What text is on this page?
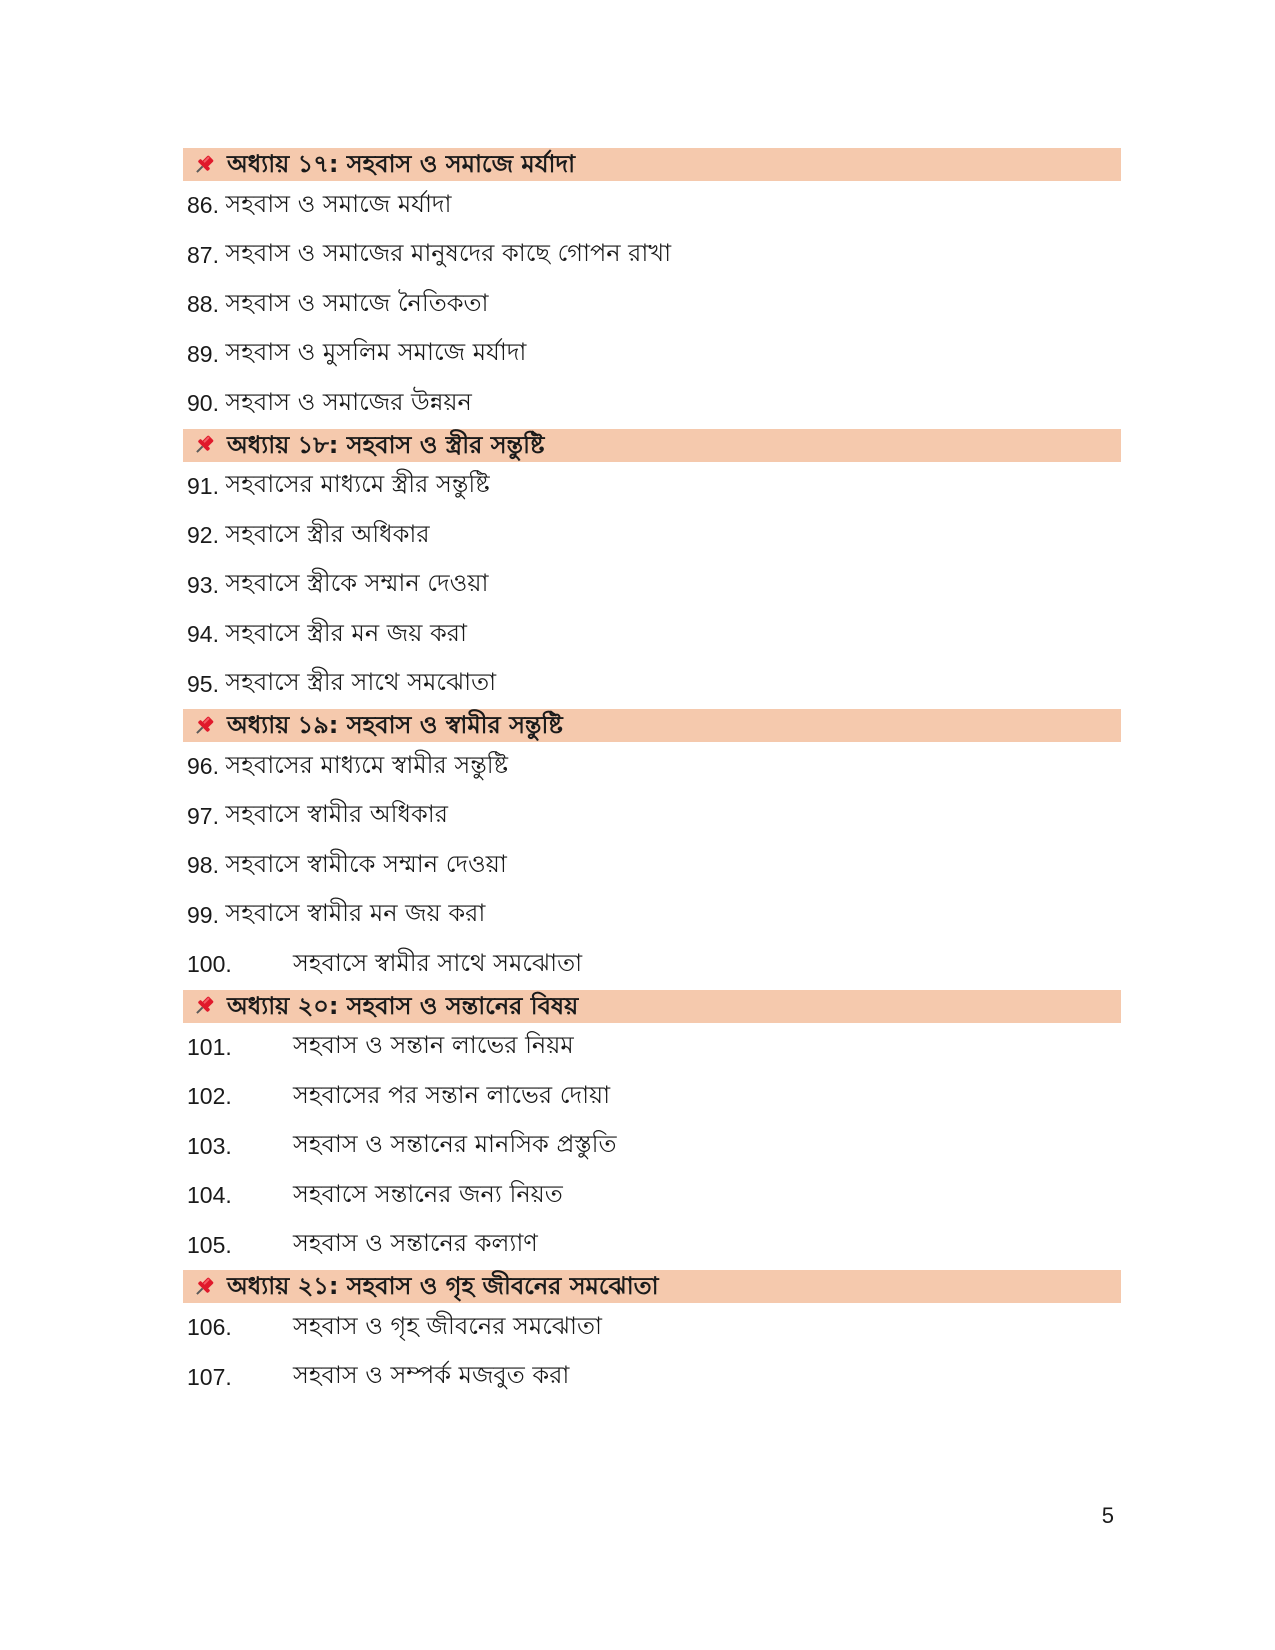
অধ্যায় ১৭: সহবাস ও সমাজে মর্যাদা
86. সহবাস ও সমাজে মর্যাদা
87. সহবাস ও সমাজের মানুষদের কাছে গোপন রাখা
88. সহবাস ও সমাজে নৈতিকতা
89. সহবাস ও মুসলিম সমাজে মর্যাদা
90. সহবাস ও সমাজের উন্নয়ন
অধ্যায় ১৮: সহবাস ও স্ত্রীর সন্তুষ্টি
91. সহবাসের মাধ্যমে স্ত্রীর সন্তুষ্টি
92. সহবাসে স্ত্রীর অধিকার
93. সহবাসে স্ত্রীকে সম্মান দেওয়া
94. সহবাসে স্ত্রীর মন জয় করা
95. সহবাসে স্ত্রীর সাথে সমঝোতা
অধ্যায় ১৯: সহবাস ও স্বামীর সন্তুষ্টি
96. সহবাসের মাধ্যমে স্বামীর সন্তুষ্টি
97. সহবাসে স্বামীর অধিকার
98. সহবাসে স্বামীকে সম্মান দেওয়া
99. সহবাসে স্বামীর মন জয় করা
100.	সহবাসে স্বামীর সাথে সমঝোতা
অধ্যায় ২০: সহবাস ও সন্তানের বিষয়
101.	সহবাস ও সন্তান লাভের নিয়ম
102.	সহবাসের পর সন্তান লাভের দোয়া
103.	সহবাস ও সন্তানের মানসিক প্রস্তুতি
104.	সহবাসে সন্তানের জন্য নিয়ত
105.	সহবাস ও সন্তানের কল্যাণ
অধ্যায় ২১: সহবাস ও গৃহ জীবনের সমঝোতা
106.	সহবাস ও গৃহ জীবনের সমঝোতা
107.	সহবাস ও সম্পর্ক মজবুত করা
5
